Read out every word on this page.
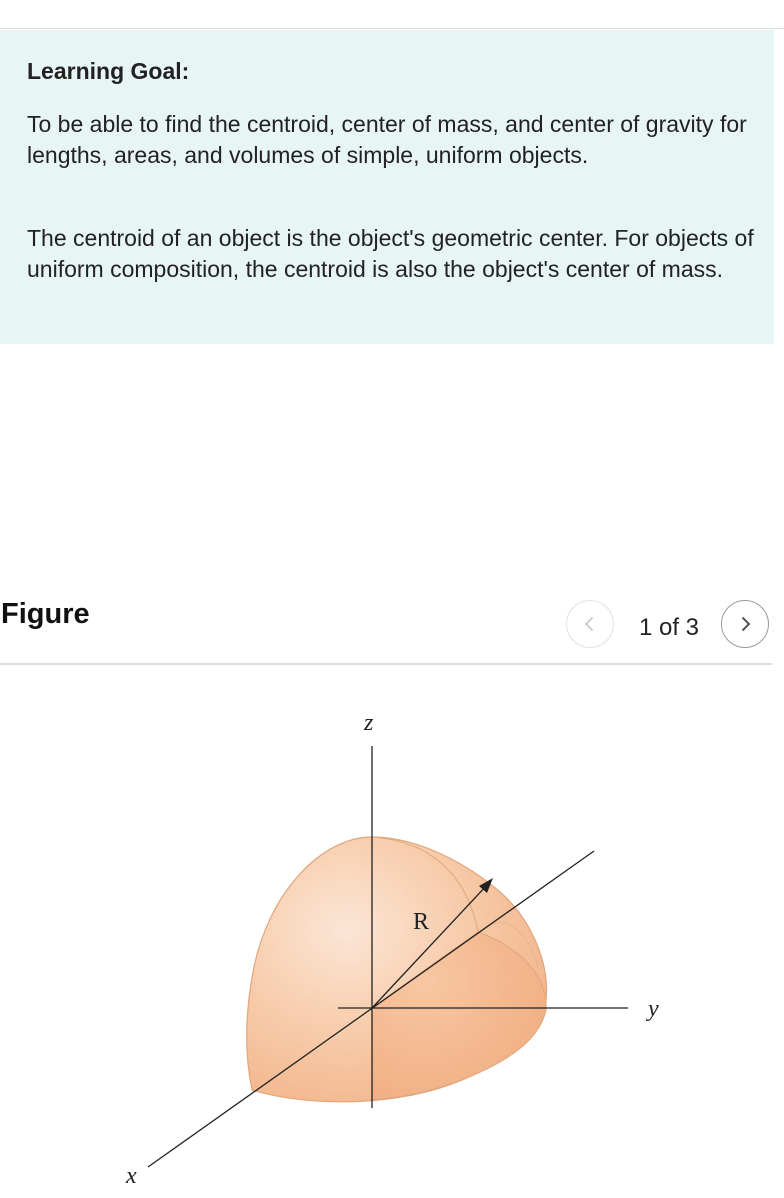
Learning Goal:

To be able to find the centroid, center of mass, and center of gravity for lengths, areas, and volumes of simple, uniform objects.

The centroid of an object is the object's geometric center. For objects of uniform composition, the centroid is also the object's center of mass.

Figure	1 of 3
z
y
x
R
